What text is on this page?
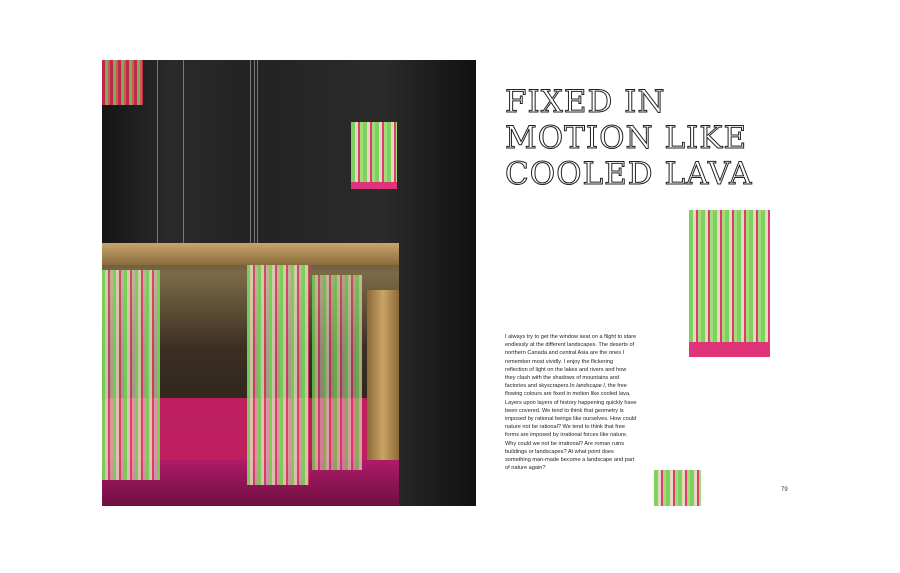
FIXED IN MOTION LIKE COOLED LAVA

I always try to get the window seat on a flight to stare endlessly at the different landscapes. The deserts of northern Canada and central Asia are the ones I remember most vividly. I enjoy the flickering reflection of light on the lakes and rivers and how they clash with the shadows of mountains and factories and skyscrapers.In landscape I, the free flowing colours are fixed in motion like cooled lava. Layers upon layers of history happening quickly have been covered. We tend to think that geometry is imposed by rational beings like ourselves. How could nature not be rational? We tend to think that free forms are imposed by irrational forces like nature. Why could we not be irrational? Are roman ruins buildings or landscapes? At what point does something man-made become a landscape and part of nature again?

79
